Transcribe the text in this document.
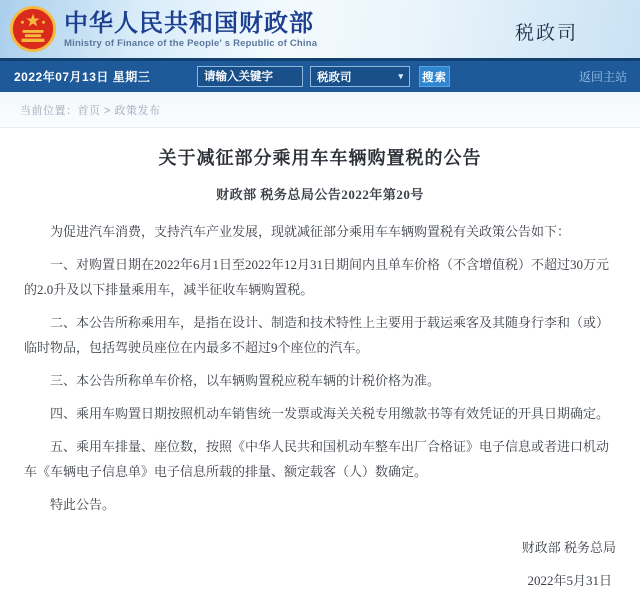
中华人民共和国财政部
Ministry of Finance of the People' s Republic of China	税政司
2022年07月13日 星期三
请输入关键字	税政司	▾ 搜索	返回主站
当前位置：首页 > 政策发布
关于减征部分乘用车车辆购置税的公告
财政部 税务总局公告2022年第20号

为促进汽车消费，支持汽车产业发展，现就减征部分乘用车车辆购置税有关政策公告如下：

一、对购置日期在2022年6月1日至2022年12月31日期间内且单车价格（不含增值税）不超过30万元的2.0升及以下排量乘用车，减半征收车辆购置税。

二、本公告所称乘用车，是指在设计、制造和技术特性上主要用于载运乘客及其随身行李和（或）临时物品，包括驾驶员座位在内最多不超过9个座位的汽车。

三、本公告所称单车价格，以车辆购置税应税车辆的计税价格为准。

四、乘用车购置日期按照机动车销售统一发票或海关关税专用缴款书等有效凭证的开具日期确定。

五、乘用车排量、座位数，按照《中华人民共和国机动车整车出厂合格证》电子信息或者进口机动车《车辆电子信息单》电子信息所载的排量、额定载客（人）数确定。

特此公告。

财政部 税务总局
2022年5月31日
